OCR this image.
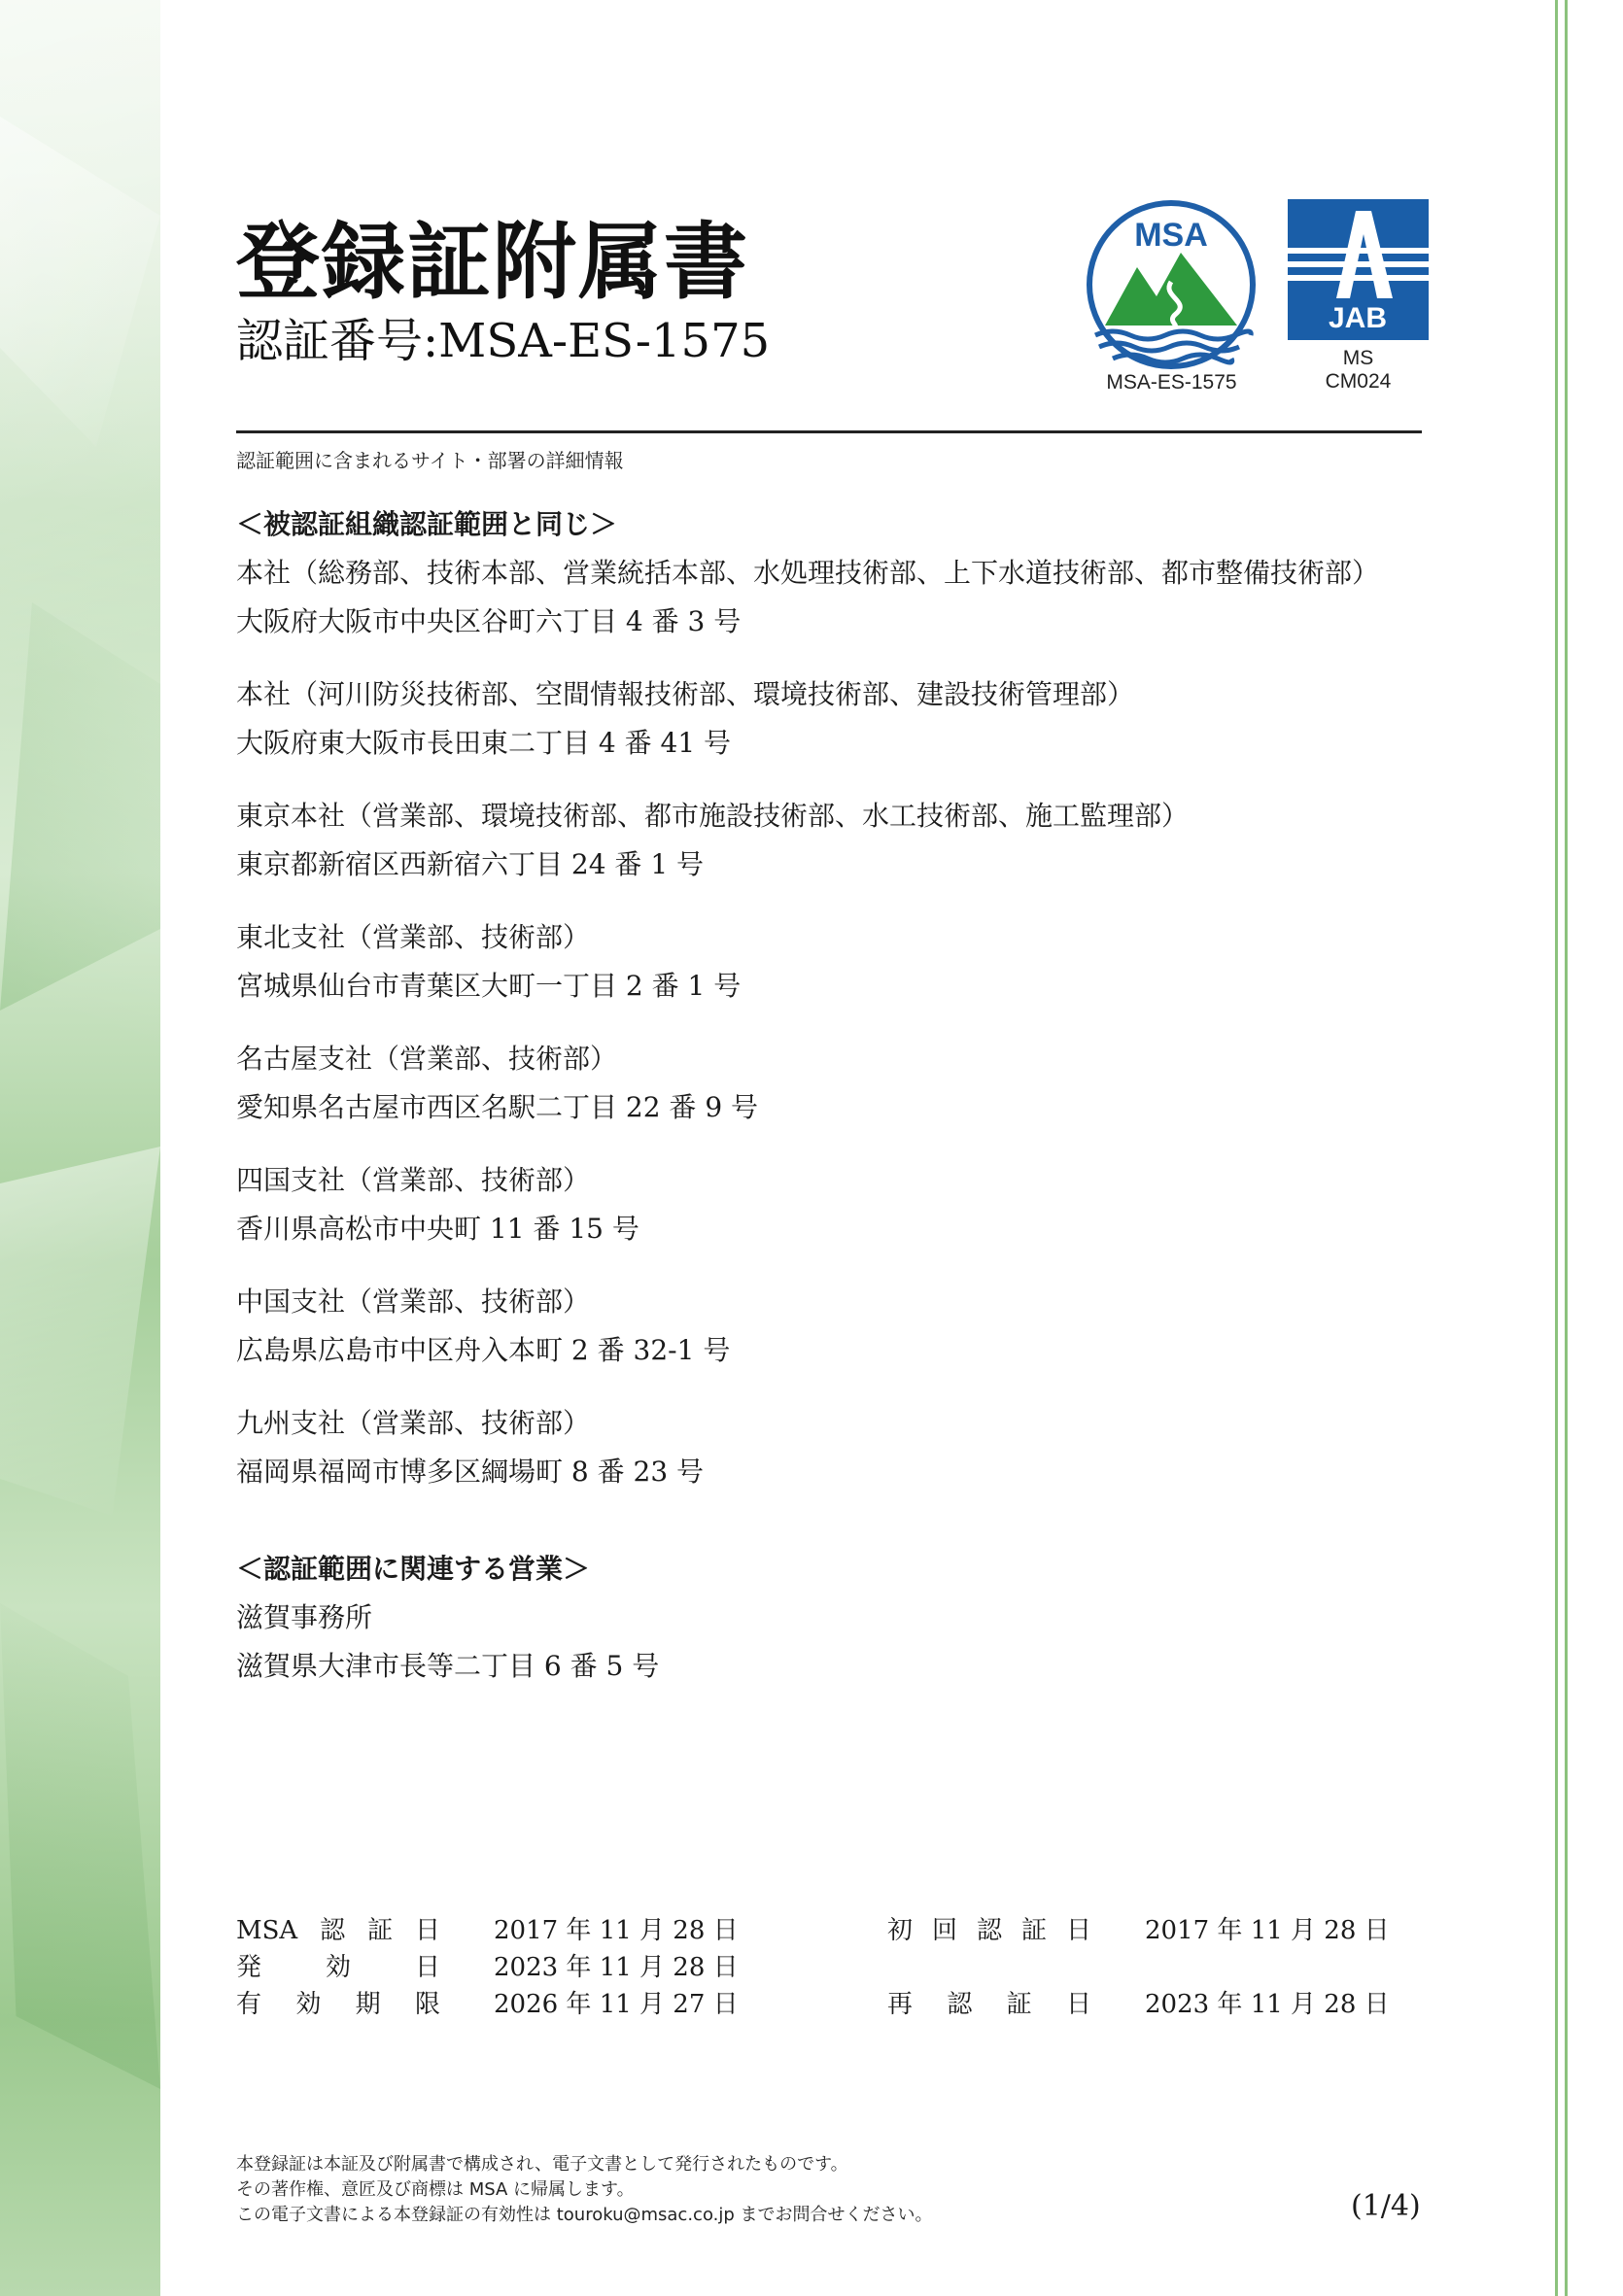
登録証附属書
認証番号:MSA-ES-1575
MSA
MSA-ES-1575
JAB
MS
CM024
認証範囲に含まれるサイト・部署の詳細情報
＜被認証組織認証範囲と同じ＞

本社（総務部、技術本部、営業統括本部、水処理技術部、上下水道技術部、都市整備技術部）

大阪府大阪市中央区谷町六丁目 4 番 3 号

本社（河川防災技術部、空間情報技術部、環境技術部、建設技術管理部）

大阪府東大阪市長田東二丁目 4 番 41 号

東京本社（営業部、環境技術部、都市施設技術部、水工技術部、施工監理部）

東京都新宿区西新宿六丁目 24 番 1 号

東北支社（営業部、技術部）

宮城県仙台市青葉区大町一丁目 2 番 1 号

名古屋支社（営業部、技術部）

愛知県名古屋市西区名駅二丁目 22 番 9 号

四国支社（営業部、技術部）

香川県高松市中央町 11 番 15 号

中国支社（営業部、技術部）

広島県広島市中区舟入本町 2 番 32-1 号

九州支社（営業部、技術部）

福岡県福岡市博多区綱場町 8 番 23 号

＜認証範囲に関連する営業＞

滋賀事務所

滋賀県大津市長等二丁目 6 番 5 号

MSA認証日 2017 年 11 月 28 日	初回認証日 2017 年 11 月 28 日
発効日 2023 年 11 月 28 日
有効期限 2026 年 11 月 27 日	再認証日 2023 年 11 月 28 日
本登録証は本証及び附属書で構成され、電子文書として発行されたものです。
その著作権、意匠及び商標は MSA に帰属します。
この電子文書による本登録証の有効性は touroku@msac.co.jp までお問合せください。	(1/4)
